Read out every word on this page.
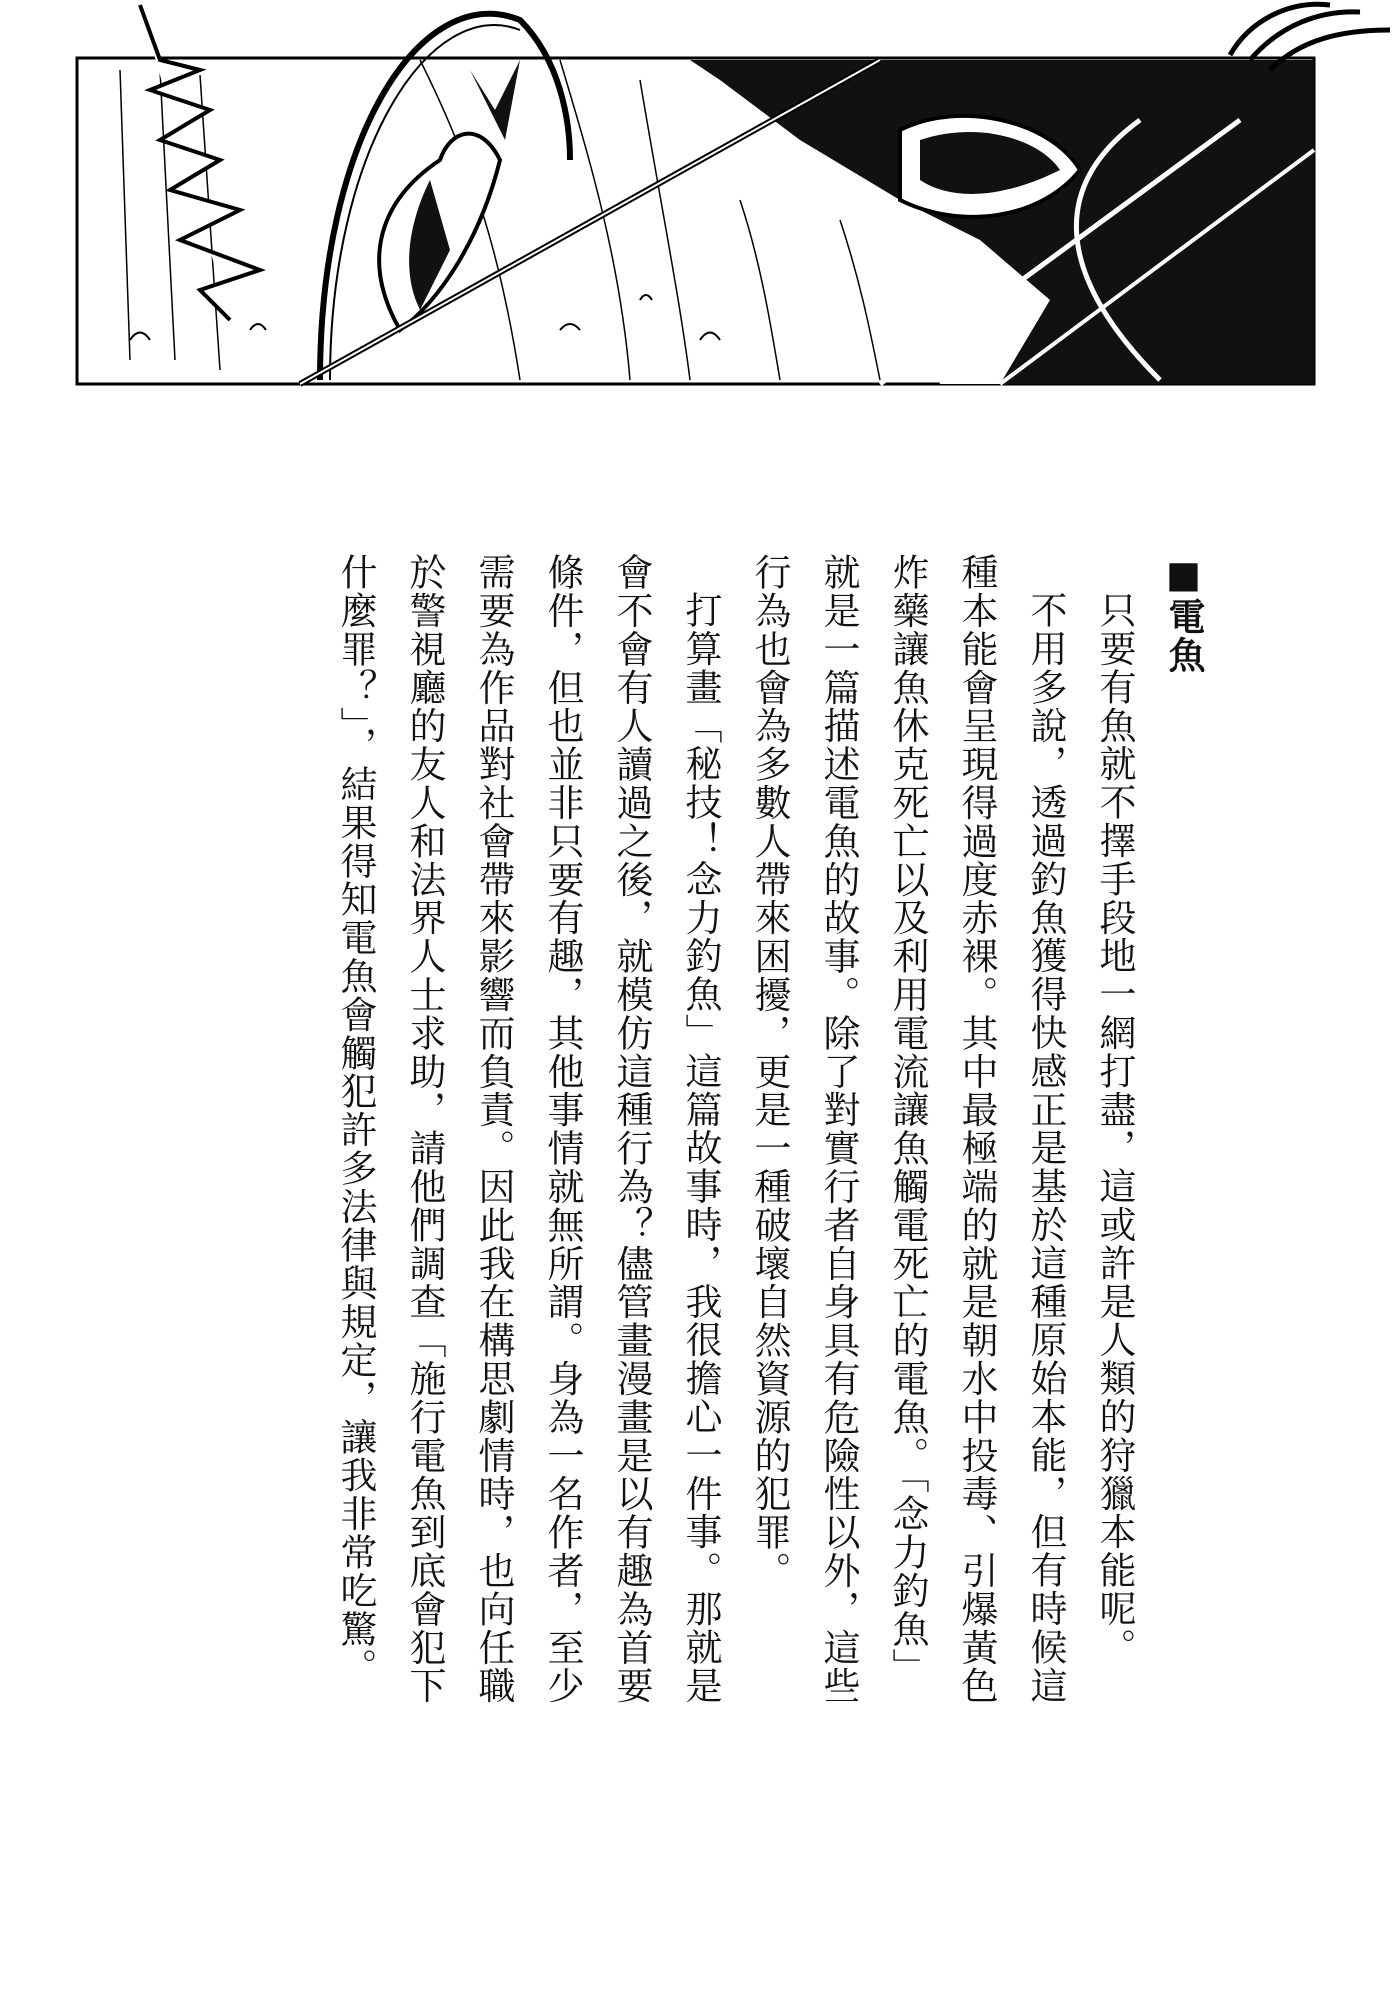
■電魚
只要有魚就不擇手段地一網打盡，這或許是人類的狩獵本能呢。
不用多說，透過釣魚獲得快感正是基於這種原始本能，但有時候這
種本能會呈現得過度赤裸。其中最極端的就是朝水中投毒、引爆黃色
炸藥讓魚休克死亡以及利用電流讓魚觸電死亡的電魚。「念力釣魚」
就是一篇描述電魚的故事。除了對實行者自身具有危險性以外，這些
行為也會為多數人帶來困擾，更是一種破壞自然資源的犯罪。
打算畫「秘技！念力釣魚」這篇故事時，我很擔心一件事。那就是
會不會有人讀過之後，就模仿這種行為？儘管畫漫畫是以有趣為首要
條件，但也並非只要有趣，其他事情就無所謂。身為一名作者，至少
需要為作品對社會帶來影響而負責。因此我在構思劇情時，也向任職
於警視廳的友人和法界人士求助，請他們調查「施行電魚到底會犯下
什麼罪？」，結果得知電魚會觸犯許多法律與規定，讓我非常吃驚。
